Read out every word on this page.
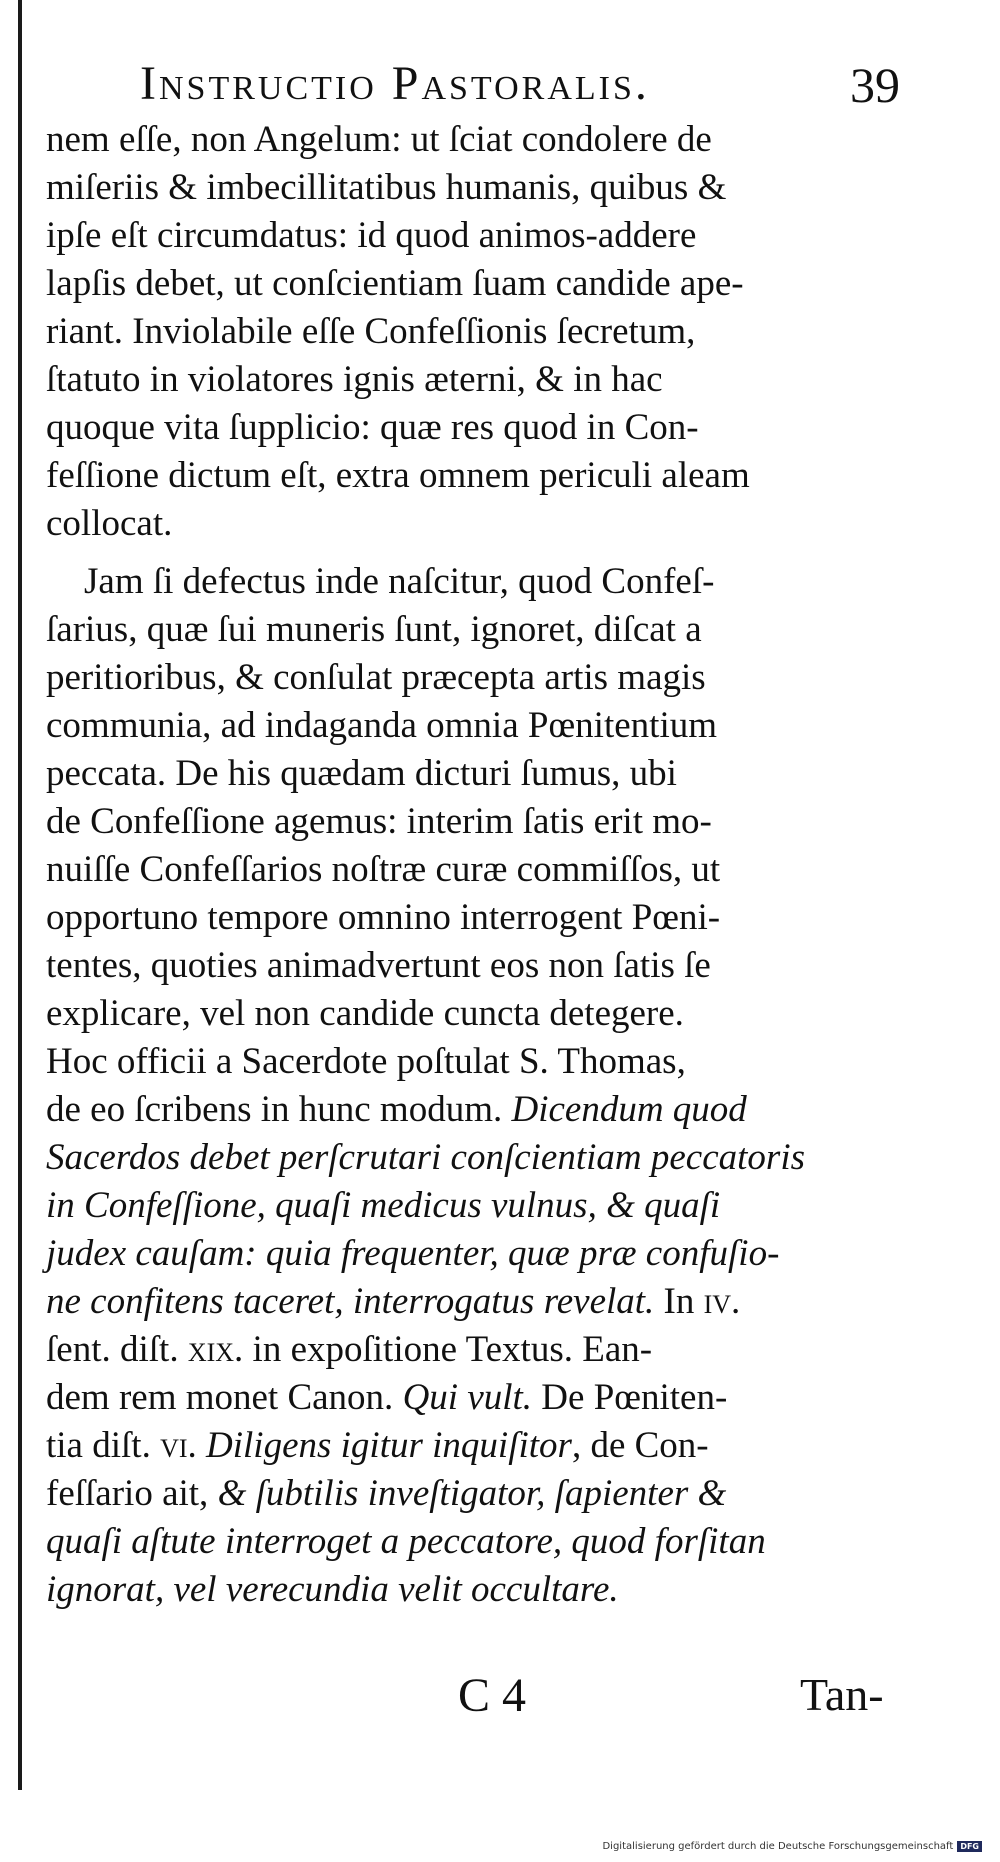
Instructio Pastoralis.	39
nem eſſe, non Angelum: ut ſciat condolere de
miſeriis & imbecillitatibus humanis, quibus &
ipſe eſt circumdatus: id quod animos-addere
lapſis debet, ut conſcientiam ſuam candide ape-
riant. Inviolabile eſſe Confeſſionis ſecretum,
ſtatuto in violatores ignis æterni, & in hac
quoque vita ſupplicio: quæ res quod in Con-
feſſione dictum eſt, extra omnem periculi aleam
collocat.
Jam ſi defectus inde naſcitur, quod Confeſ-
ſarius, quæ ſui muneris ſunt, ignoret, diſcat a
peritioribus, & conſulat præcepta artis magis
communia, ad indaganda omnia Pœnitentium
peccata. De his quædam dicturi ſumus, ubi
de Confeſſione agemus: interim ſatis erit mo-
nuiſſe Confeſſarios noſtræ curæ commiſſos, ut
opportuno tempore omnino interrogent Pœni-
tentes, quoties animadvertunt eos non ſatis ſe
explicare, vel non candide cuncta detegere.
Hoc officii a Sacerdote poſtulat S. Thomas,
de eo ſcribens in hunc modum. Dicendum quod
Sacerdos debet perſcrutari conſcientiam peccatoris
in Confeſſione, quaſi medicus vulnus, & quaſi
judex cauſam: quia frequenter, quæ præ confuſio-
ne confitens taceret, interrogatus revelat. In iv.
ſent. diſt. xix. in expoſitione Textus. Ean-
dem rem monet Canon. Qui vult. De Pœniten-
tia diſt. vi. Diligens igitur inquiſitor, de Con-
feſſario ait, & ſubtilis inveſtigator, ſapienter &
quaſi aſtute interroget a peccatore, quod forſitan
ignorat, vel verecundia velit occultare.
C 4	Tan-
Digitalisierung gefördert durch die Deutsche Forschungsgemeinschaft DFG
